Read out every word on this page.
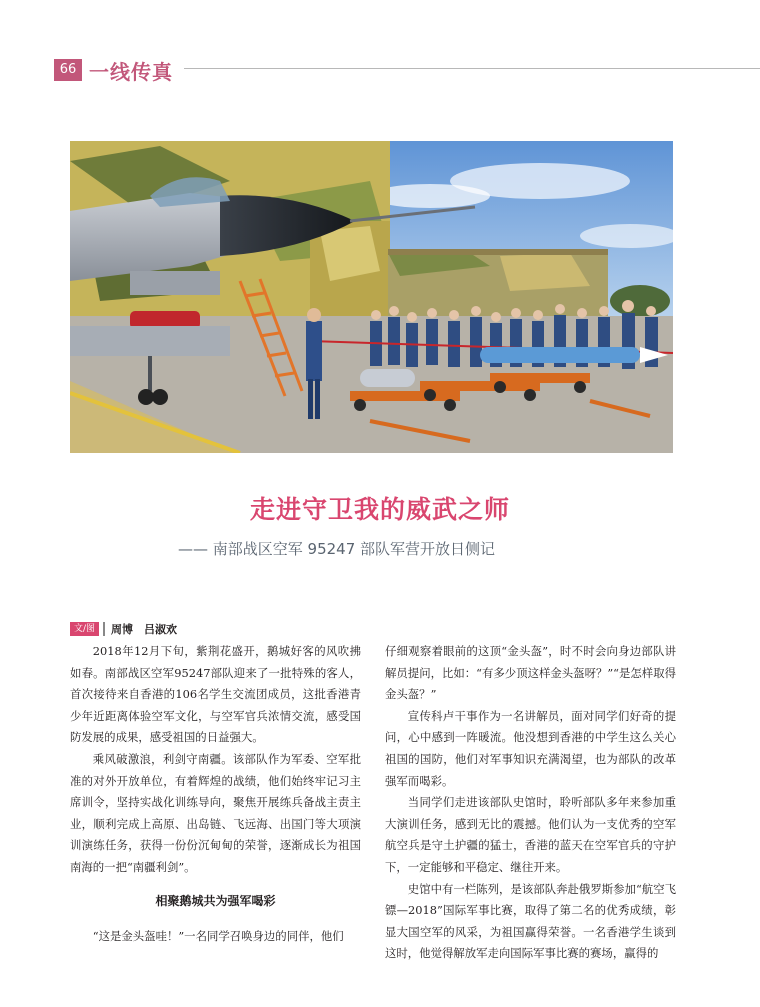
66 一线传真
走进守卫我的威武之师
—— 南部战区空军 95247 部队军营开放日侧记
文/图	周博　吕淑欢

2018年12月下旬，紫荆花盛开，鹅城好客的风吹拂如春。南部战区空军95247部队迎来了一批特殊的客人，首次接待来自香港的106名学生交流团成员，这批香港青少年近距离体验空军文化，与空军官兵浓情交流，感受国防发展的成果，感受祖国的日益强大。

乘风破激浪，利剑守南疆。该部队作为军委、空军批准的对外开放单位，有着辉煌的战绩，他们始终牢记习主席训令，坚持实战化训练导向，聚焦开展练兵备战主责主业，顺利完成上高原、出岛链、飞远海、出国门等大项演训演练任务，获得一份份沉甸甸的荣誉，逐渐成长为祖国南海的一把“南疆利剑”。

相聚鹅城共为强军喝彩

“这是金头盔哇！”一名同学召唤身边的同伴，他们

仔细观察着眼前的这顶“金头盔”，时不时会向身边部队讲解员提问，比如：“有多少顶这样金头盔呀？”“是怎样取得金头盔？”

宣传科卢干事作为一名讲解员，面对同学们好奇的提问，心中感到一阵暖流。他没想到香港的中学生这么关心祖国的国防，他们对军事知识充满渴望，也为部队的改革强军而喝彩。

当同学们走进该部队史馆时，聆听部队多年来参加重大演训任务，感到无比的震撼。他们认为一支优秀的空军航空兵是守土护疆的猛士，香港的蓝天在空军官兵的守护下，一定能够和平稳定、继往开来。

史馆中有一栏陈列，是该部队奔赴俄罗斯参加“航空飞镖—2018”国际军事比赛，取得了第二名的优秀成绩，彰显大国空军的风采，为祖国赢得荣誉。一名香港学生谈到这时，他觉得解放军走向国际军事比赛的赛场，赢得的
